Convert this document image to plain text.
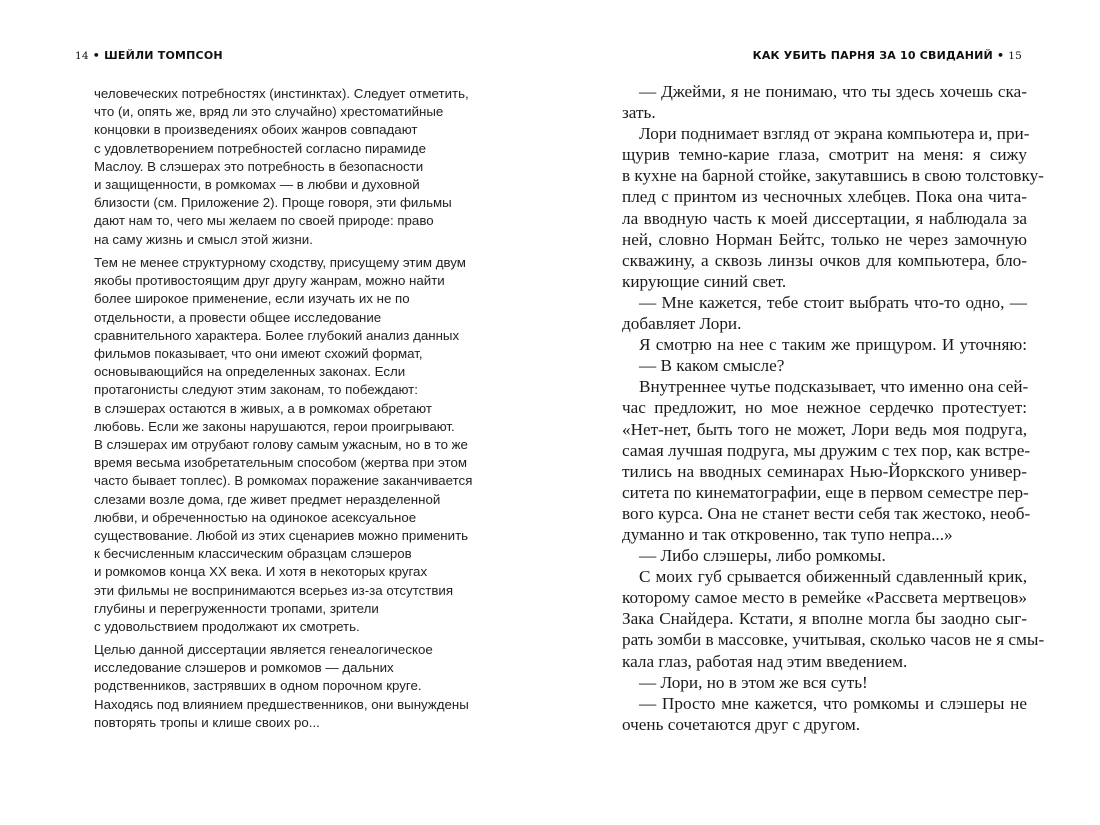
14 • ШЕЙЛИ ТОМПСОН	КАК УБИТЬ ПАРНЯ ЗА 10 СВИДАНИЙ • 15
человеческих потребностях (инстинктах). Следует отметить,
что (и, опять же, вряд ли это случайно) хрестоматийные
концовки в произведениях обоих жанров совпадают
с удовлетворением потребностей согласно пирамиде
Маслоу. В слэшерах это потребность в безопасности
и защищенности, в ромкомах — в любви и духовной
близости (см. Приложение 2). Проще говоря, эти фильмы
дают нам то, чего мы желаем по своей природе: право
на саму жизнь и смысл этой жизни.
Тем не менее структурному сходству, присущему этим двум
якобы противостоящим друг другу жанрам, можно найти
более широкое применение, если изучать их не по
отдельности, а провести общее исследование
сравнительного характера. Более глубокий анализ данных
фильмов показывает, что они имеют схожий формат,
основывающийся на определенных законах. Если
протагонисты следуют этим законам, то побеждают:
в слэшерах остаются в живых, а в ромкомах обретают
любовь. Если же законы нарушаются, герои проигрывают.
В слэшерах им отрубают голову самым ужасным, но в то же
время весьма изобретательным способом (жертва при этом
часто бывает топлес). В ромкомах поражение заканчивается
слезами возле дома, где живет предмет неразделенной
любви, и обреченностью на одинокое асексуальное
существование. Любой из этих сценариев можно применить
к бесчисленным классическим образцам слэшеров
и ромкомов конца XX века. И хотя в некоторых кругах
эти фильмы не воспринимаются всерьез из-за отсутствия
глубины и перегруженности тропами, зрители
с удовольствием продолжают их смотреть.
Целью данной диссертации является генеалогическое
исследование слэшеров и ромкомов — дальних
родственников, застрявших в одном порочном круге.
Находясь под влиянием предшественников, они вынуждены
повторять тропы и клише своих ро...
— Джейми, я не понимаю, что ты здесь хочешь ска-
зать.
Лори поднимает взгляд от экрана компьютера и, при-
щурив темно-карие глаза, смотрит на меня: я сижу
в кухне на барной стойке, закутавшись в свою толстовку-
плед с принтом из чесночных хлебцев. Пока она чита-
ла вводную часть к моей диссертации, я наблюдала за
ней, словно Норман Бейтс, только не через замочную
скважину, а сквозь линзы очков для компьютера, бло-
кирующие синий свет.
— Мне кажется, тебе стоит выбрать что-то одно, —
добавляет Лори.
Я смотрю на нее с таким же прищуром. И уточняю:
— В каком смысле?
Внутреннее чутье подсказывает, что именно она сей-
час предложит, но мое нежное сердечко протестует:
«Нет-нет, быть того не может, Лори ведь моя подруга,
самая лучшая подруга, мы дружим с тех пор, как встре-
тились на вводных семинарах Нью-Йоркского универ-
ситета по кинематографии, еще в первом семестре пер-
вого курса. Она не станет вести себя так жестоко, необ-
думанно и так откровенно, так тупо непра...»
— Либо слэшеры, либо ромкомы.
С моих губ срывается обиженный сдавленный крик,
которому самое место в ремейке «Рассвета мертвецов»
Зака Снайдера. Кстати, я вполне могла бы заодно сыг-
рать зомби в массовке, учитывая, сколько часов не я смы-
кала глаз, работая над этим введением.
— Лори, но в этом же вся суть!
— Просто мне кажется, что ромкомы и слэшеры не
очень сочетаются друг с другом.
